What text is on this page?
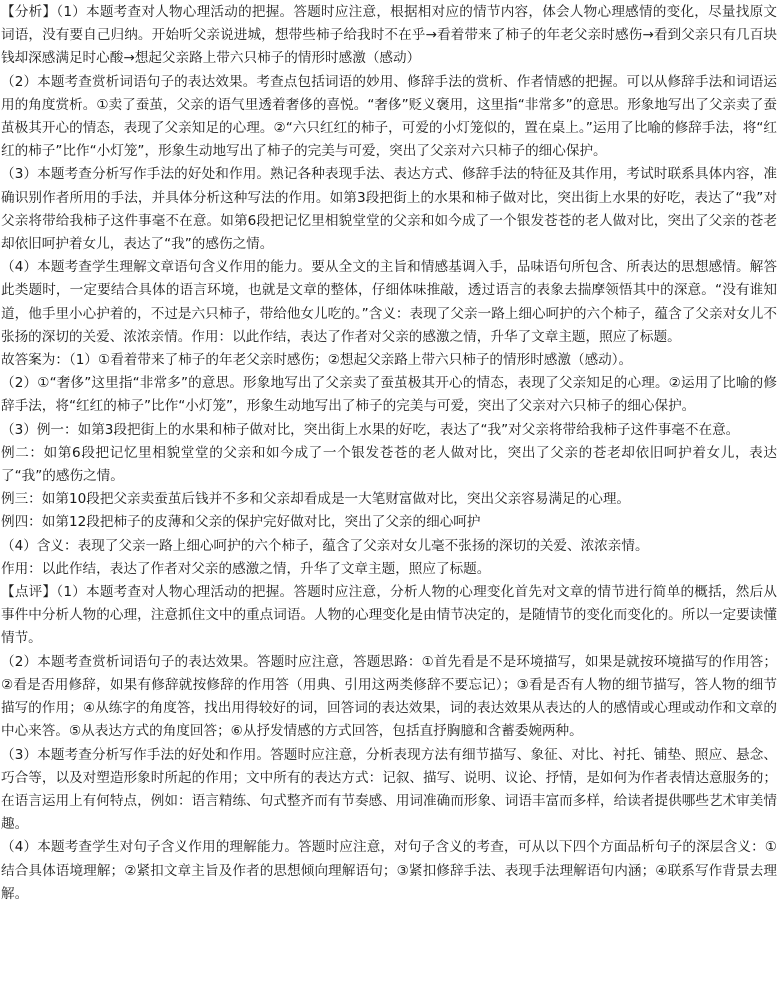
【分析】（1）本题考查对人物心理活动的把握。答题时应注意，根据相对应的情节内容，体会人物心理感情的变化，尽量找原文词语，没有要自己归纳。开始听父亲说进城，想带些柿子给我时不在乎→看着带来了柿子的年老父亲时感伤→看到父亲只有几百块钱却深感满足时心酸→想起父亲路上带六只柿子的情形时感激（感动）

（2）本题考查赏析词语句子的表达效果。考查点包括词语的妙用、修辞手法的赏析、作者情感的把握。可以从修辞手法和词语运用的角度赏析。①卖了蚕茧，父亲的语气里透着奢侈的喜悦。“奢侈”贬义褒用，这里指“非常多”的意思。形象地写出了父亲卖了蚕茧极其开心的情态，表现了父亲知足的心理。②“六只红红的柿子，可爱的小灯笼似的，置在桌上。”运用了比喻的修辞手法，将“红红的柿子”比作“小灯笼”，形象生动地写出了柿子的完美与可爱，突出了父亲对六只柿子的细心保护。

（3）本题考查分析写作手法的好处和作用。熟记各种表现手法、表达方式、修辞手法的特征及其作用，考试时联系具体内容，准确识别作者所用的手法，并具体分析这种写法的作用。如第3段把街上的水果和柿子做对比，突出街上水果的好吃，表达了“我”对父亲将带给我柿子这件事毫不在意。如第6段把记忆里相貌堂堂的父亲和如今成了一个银发苍苍的老人做对比，突出了父亲的苍老却依旧呵护着女儿，表达了“我”的感伤之情。

（4）本题考查学生理解文章语句含义作用的能力。要从全文的主旨和情感基调入手，品味语句所包含、所表达的思想感情。解答此类题时，一定要结合具体的语言环境，也就是文章的整体，仔细体味推敲，透过语言的表象去揣摩领悟其中的深意。“没有谁知道，他手里小心护着的，不过是六只柿子，带给他女儿吃的。”含义：表现了父亲一路上细心呵护的六个柿子，蕴含了父亲对女儿不张扬的深切的关爱、浓浓亲情。作用：以此作结，表达了作者对父亲的感激之情，升华了文章主题，照应了标题。

故答案为：（1）①看着带来了柿子的年老父亲时感伤；②想起父亲路上带六只柿子的情形时感激（感动）。

（2）①“奢侈”这里指“非常多”的意思。形象地写出了父亲卖了蚕茧极其开心的情态，表现了父亲知足的心理。②运用了比喻的修辞手法，将“红红的柿子”比作“小灯笼”，形象生动地写出了柿子的完美与可爱，突出了父亲对六只柿子的细心保护。

（3）例一：如第3段把街上的水果和柿子做对比，突出街上水果的好吃，表达了“我”对父亲将带给我柿子这件事毫不在意。

例二：如第6段把记忆里相貌堂堂的父亲和如今成了一个银发苍苍的老人做对比，突出了父亲的苍老却依旧呵护着女儿，表达了“我”的感伤之情。

例三：如第10段把父亲卖蚕茧后钱并不多和父亲却看成是一大笔财富做对比，突出父亲容易满足的心理。

例四：如第12段把柿子的皮薄和父亲的保护完好做对比，突出了父亲的细心呵护

（4）含义：表现了父亲一路上细心呵护的六个柿子，蕴含了父亲对女儿毫不张扬的深切的关爱、浓浓亲情。

作用：以此作结，表达了作者对父亲的感激之情，升华了文章主题，照应了标题。

【点评】（1）本题考查对人物心理活动的把握。答题时应注意，分析人物的心理变化首先对文章的情节进行简单的概括，然后从事件中分析人物的心理，注意抓住文中的重点词语。人物的心理变化是由情节决定的，是随情节的变化而变化的。所以一定要读懂情节。

（2）本题考查赏析词语句子的表达效果。答题时应注意，答题思路：①首先看是不是环境描写，如果是就按环境描写的作用答；②看是否用修辞，如果有修辞就按修辞的作用答（用典、引用这两类修辞不要忘记）；③看是否有人物的细节描写，答人物的细节描写的作用；④从练字的角度答，找出用得较好的词，回答词的表达效果，词的表达效果从表达的人的感情或心理或动作和文章的中心来答。⑤从表达方式的角度回答；⑥从抒发情感的方式回答，包括直抒胸臆和含蓄委婉两种。

（3）本题考查分析写作手法的好处和作用。答题时应注意，分析表现方法有细节描写、象征、对比、衬托、铺垫、照应、悬念、巧合等，以及对塑造形象时所起的作用；文中所有的表达方式：记叙、描写、说明、议论、抒情，是如何为作者表情达意服务的；在语言运用上有何特点，例如：语言精练、句式整齐而有节奏感、用词准确而形象、词语丰富而多样，给读者提供哪些艺术审美情趣。

（4）本题考查学生对句子含义作用的理解能力。答题时应注意，对句子含义的考查，可从以下四个方面品析句子的深层含义：①结合具体语境理解；②紧扣文章主旨及作者的思想倾向理解语句；③紧扣修辞手法、表现手法理解语句内涵；④联系写作背景去理解。
